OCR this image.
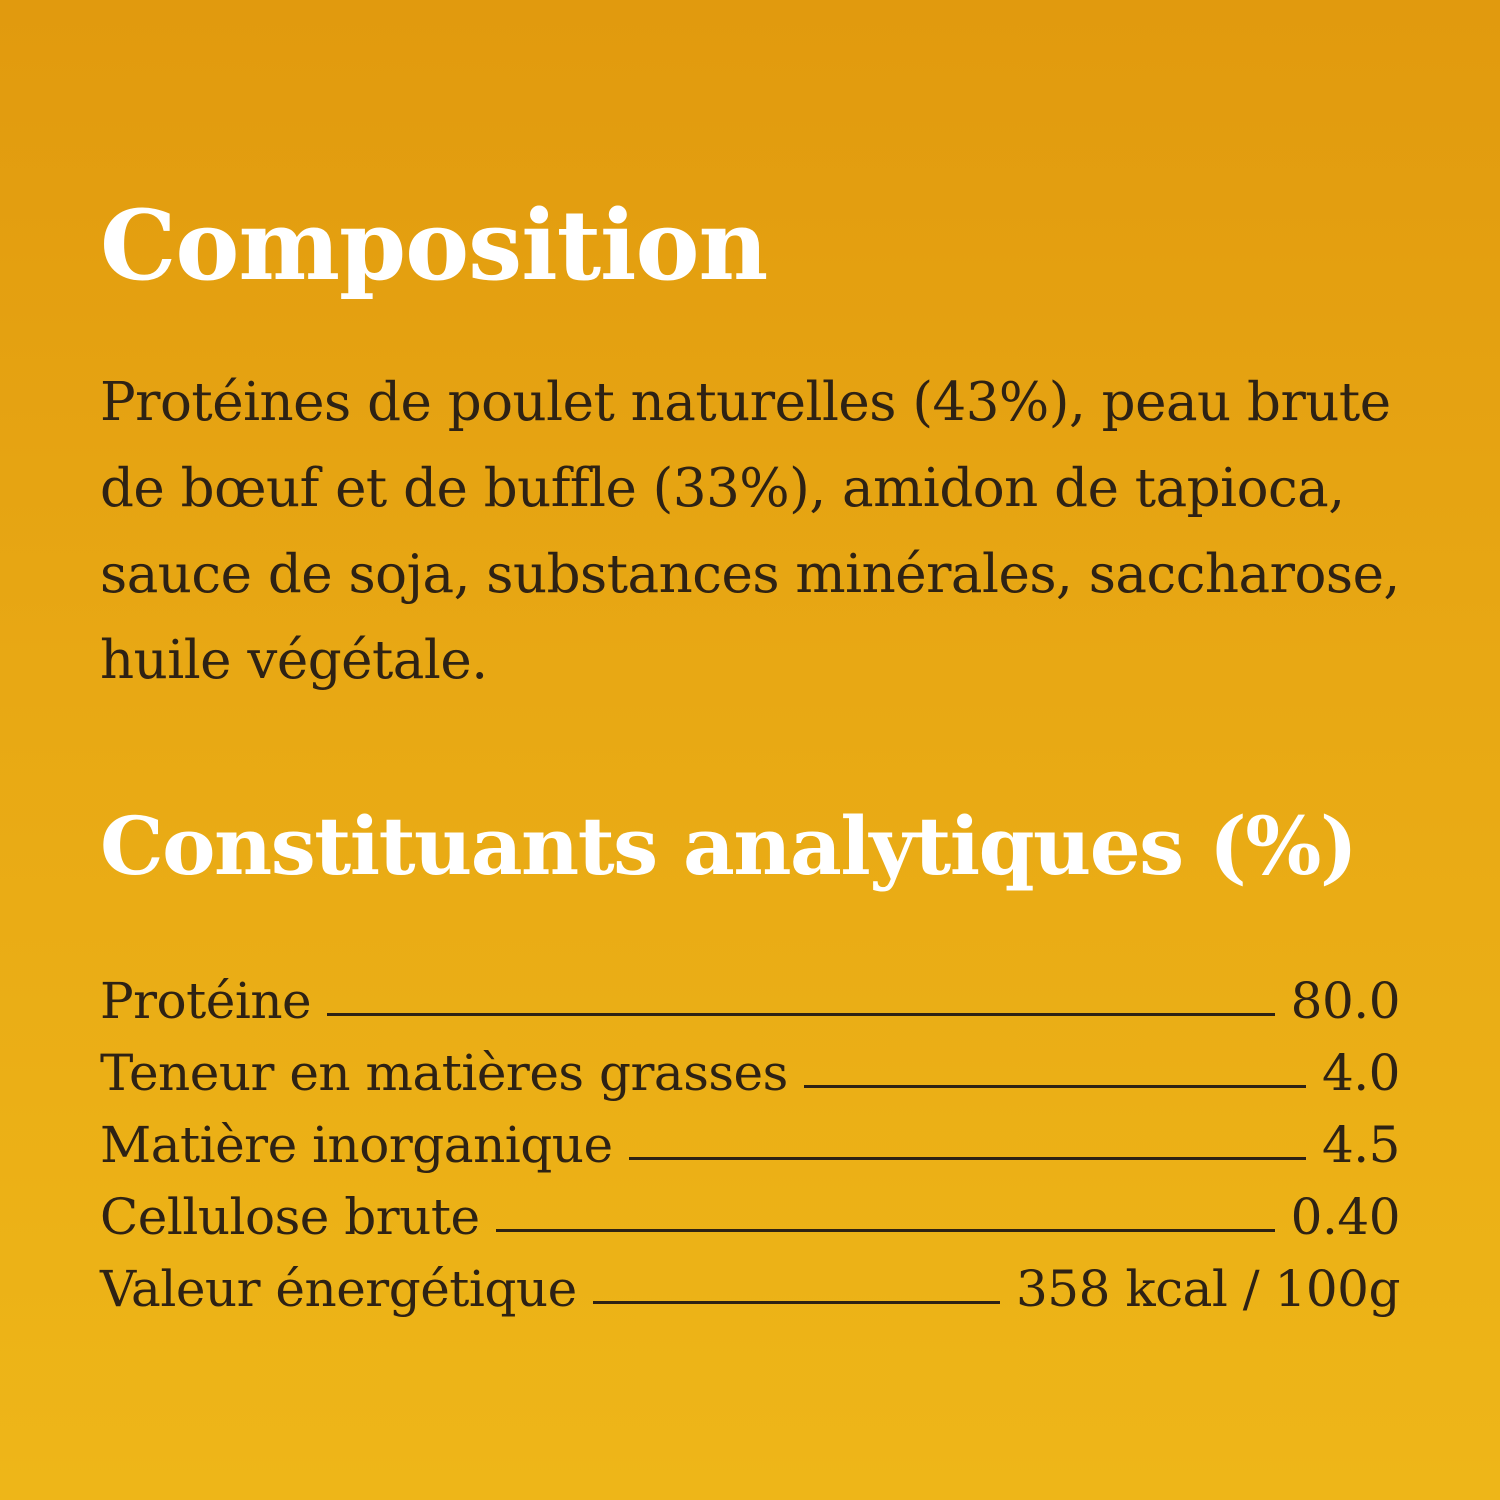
Composition

Protéines de poulet naturelles (43%), peau brute de bœuf et de buffle (33%), amidon de tapioca, sauce de soja, substances minérales, saccharose, huile végétale.

Constituants analytiques (%)
Protéine	80.0
Teneur en matières grasses	4.0
Matière inorganique	4.5
Cellulose brute	0.40
Valeur énergétique	358 kcal / 100g
